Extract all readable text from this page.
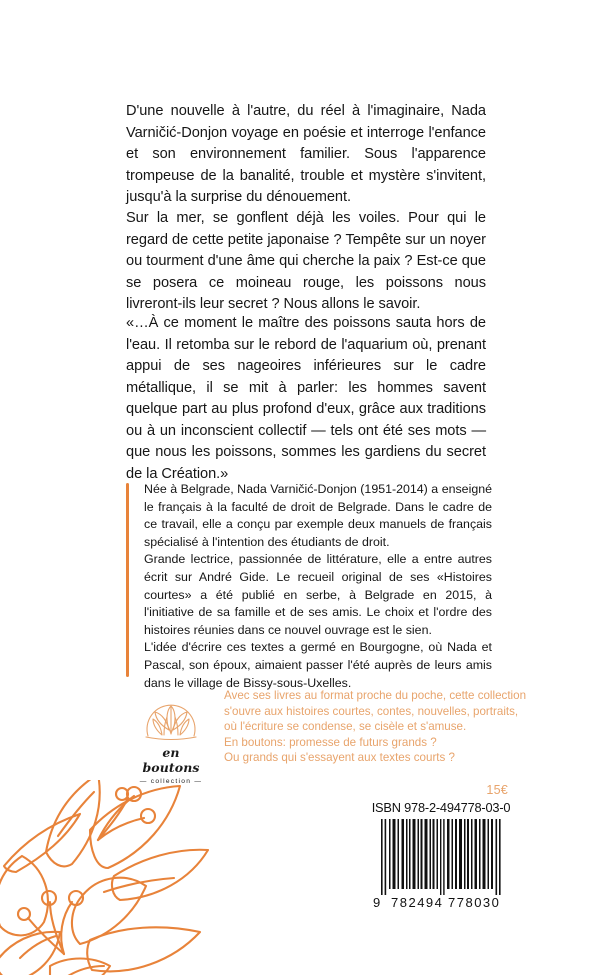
D'une nouvelle à l'autre, du réel à l'imaginaire, Nada Varničić-Donjon voyage en poésie et interroge l'enfance et son environnement familier. Sous l'apparence trompeuse de la banalité, trouble et mystère s'invitent, jusqu'à la surprise du dénouement.

Sur la mer, se gonflent déjà les voiles. Pour qui le regard de cette petite japonaise ? Tempête sur un noyer ou tourment d'une âme qui cherche la paix ? Est-ce que se posera ce moineau rouge, les poissons nous livreront-ils leur secret ? Nous allons le savoir.

«…À ce moment le maître des poissons sauta hors de l'eau. Il retomba sur le rebord de l'aquarium où, prenant appui de ses nageoires inférieures sur le cadre métallique, il se mit à parler: les hommes savent quelque part au plus profond d'eux, grâce aux traditions ou à un inconscient collectif — tels ont été ses mots — que nous les poissons, sommes les gardiens du secret de la Création.»

Née à Belgrade, Nada Varničić-Donjon (1951-2014) a enseigné le français à la faculté de droit de Belgrade. Dans le cadre de ce travail, elle a conçu par exemple deux manuels de français spécialisé à l'intention des étudiants de droit.

Grande lectrice, passionnée de littérature, elle a entre autres écrit sur André Gide. Le recueil original de ses «Histoires courtes» a été publié en serbe, à Belgrade en 2015, à l'initiative de sa famille et de ses amis. Le choix et l'ordre des histoires réunies dans ce nouvel ouvrage est le sien.

L'idée d'écrire ces textes a germé en Bourgogne, où Nada et Pascal, son époux, aimaient passer l'été auprès de leurs amis dans le village de Bissy-sous-Uxelles.

en boutons
— collection —

Avec ses livres au format proche du poche, cette collection

s'ouvre aux histoires courtes, contes, nouvelles, portraits,

où l'écriture se condense, se cisèle et s'amuse.

En boutons: promesse de futurs grands ?

Ou grands qui s'essayent aux textes courts ?

15€
ISBN 978-2-494778-03-0
9 782494 778030
